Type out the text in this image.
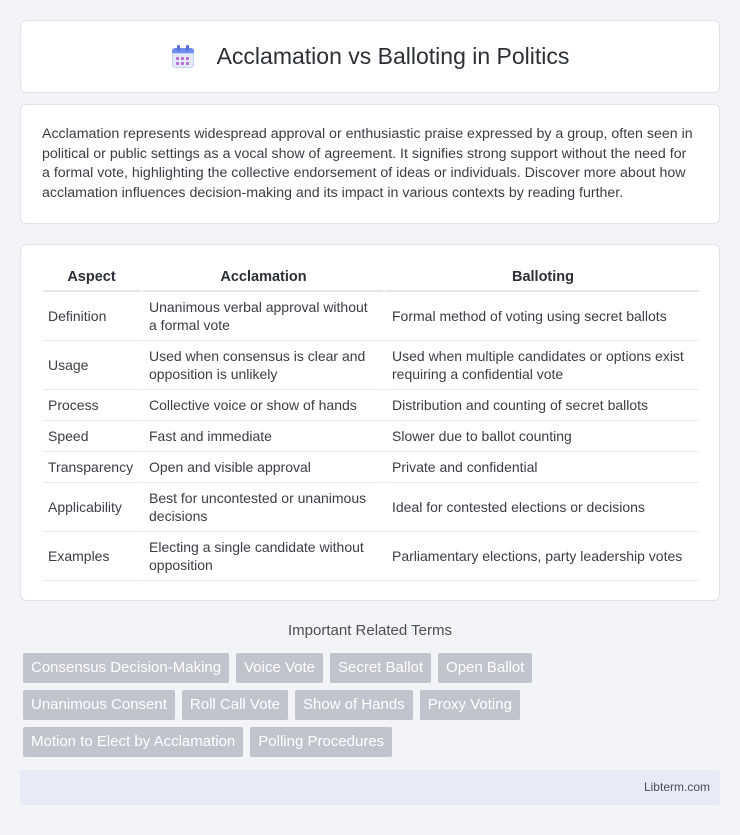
Acclamation vs Balloting in Politics

Acclamation represents widespread approval or enthusiastic praise expressed by a group, often seen in political or public settings as a vocal show of agreement. It signifies strong support without the need for a formal vote, highlighting the collective endorsement of ideas or individuals. Discover more about how acclamation influences decision-making and its impact in various contexts by reading further.

Aspect	Acclamation	Balloting
Definition	Unanimous verbal approval without a formal vote	Formal method of voting using secret ballots
Usage	Used when consensus is clear and opposition is unlikely	Used when multiple candidates or options exist requiring a confidential vote
Process	Collective voice or show of hands	Distribution and counting of secret ballots
Speed	Fast and immediate	Slower due to ballot counting
Transparency	Open and visible approval	Private and confidential
Applicability	Best for uncontested or unanimous decisions	Ideal for contested elections or decisions
Examples	Electing a single candidate without opposition	Parliamentary elections, party leadership votes
Important Related Terms
Consensus Decision-Making	Voice Vote	Secret Ballot	Open Ballot
Unanimous Consent	Roll Call Vote	Show of Hands	Proxy Voting
Motion to Elect by Acclamation	Polling Procedures
Libterm.com
